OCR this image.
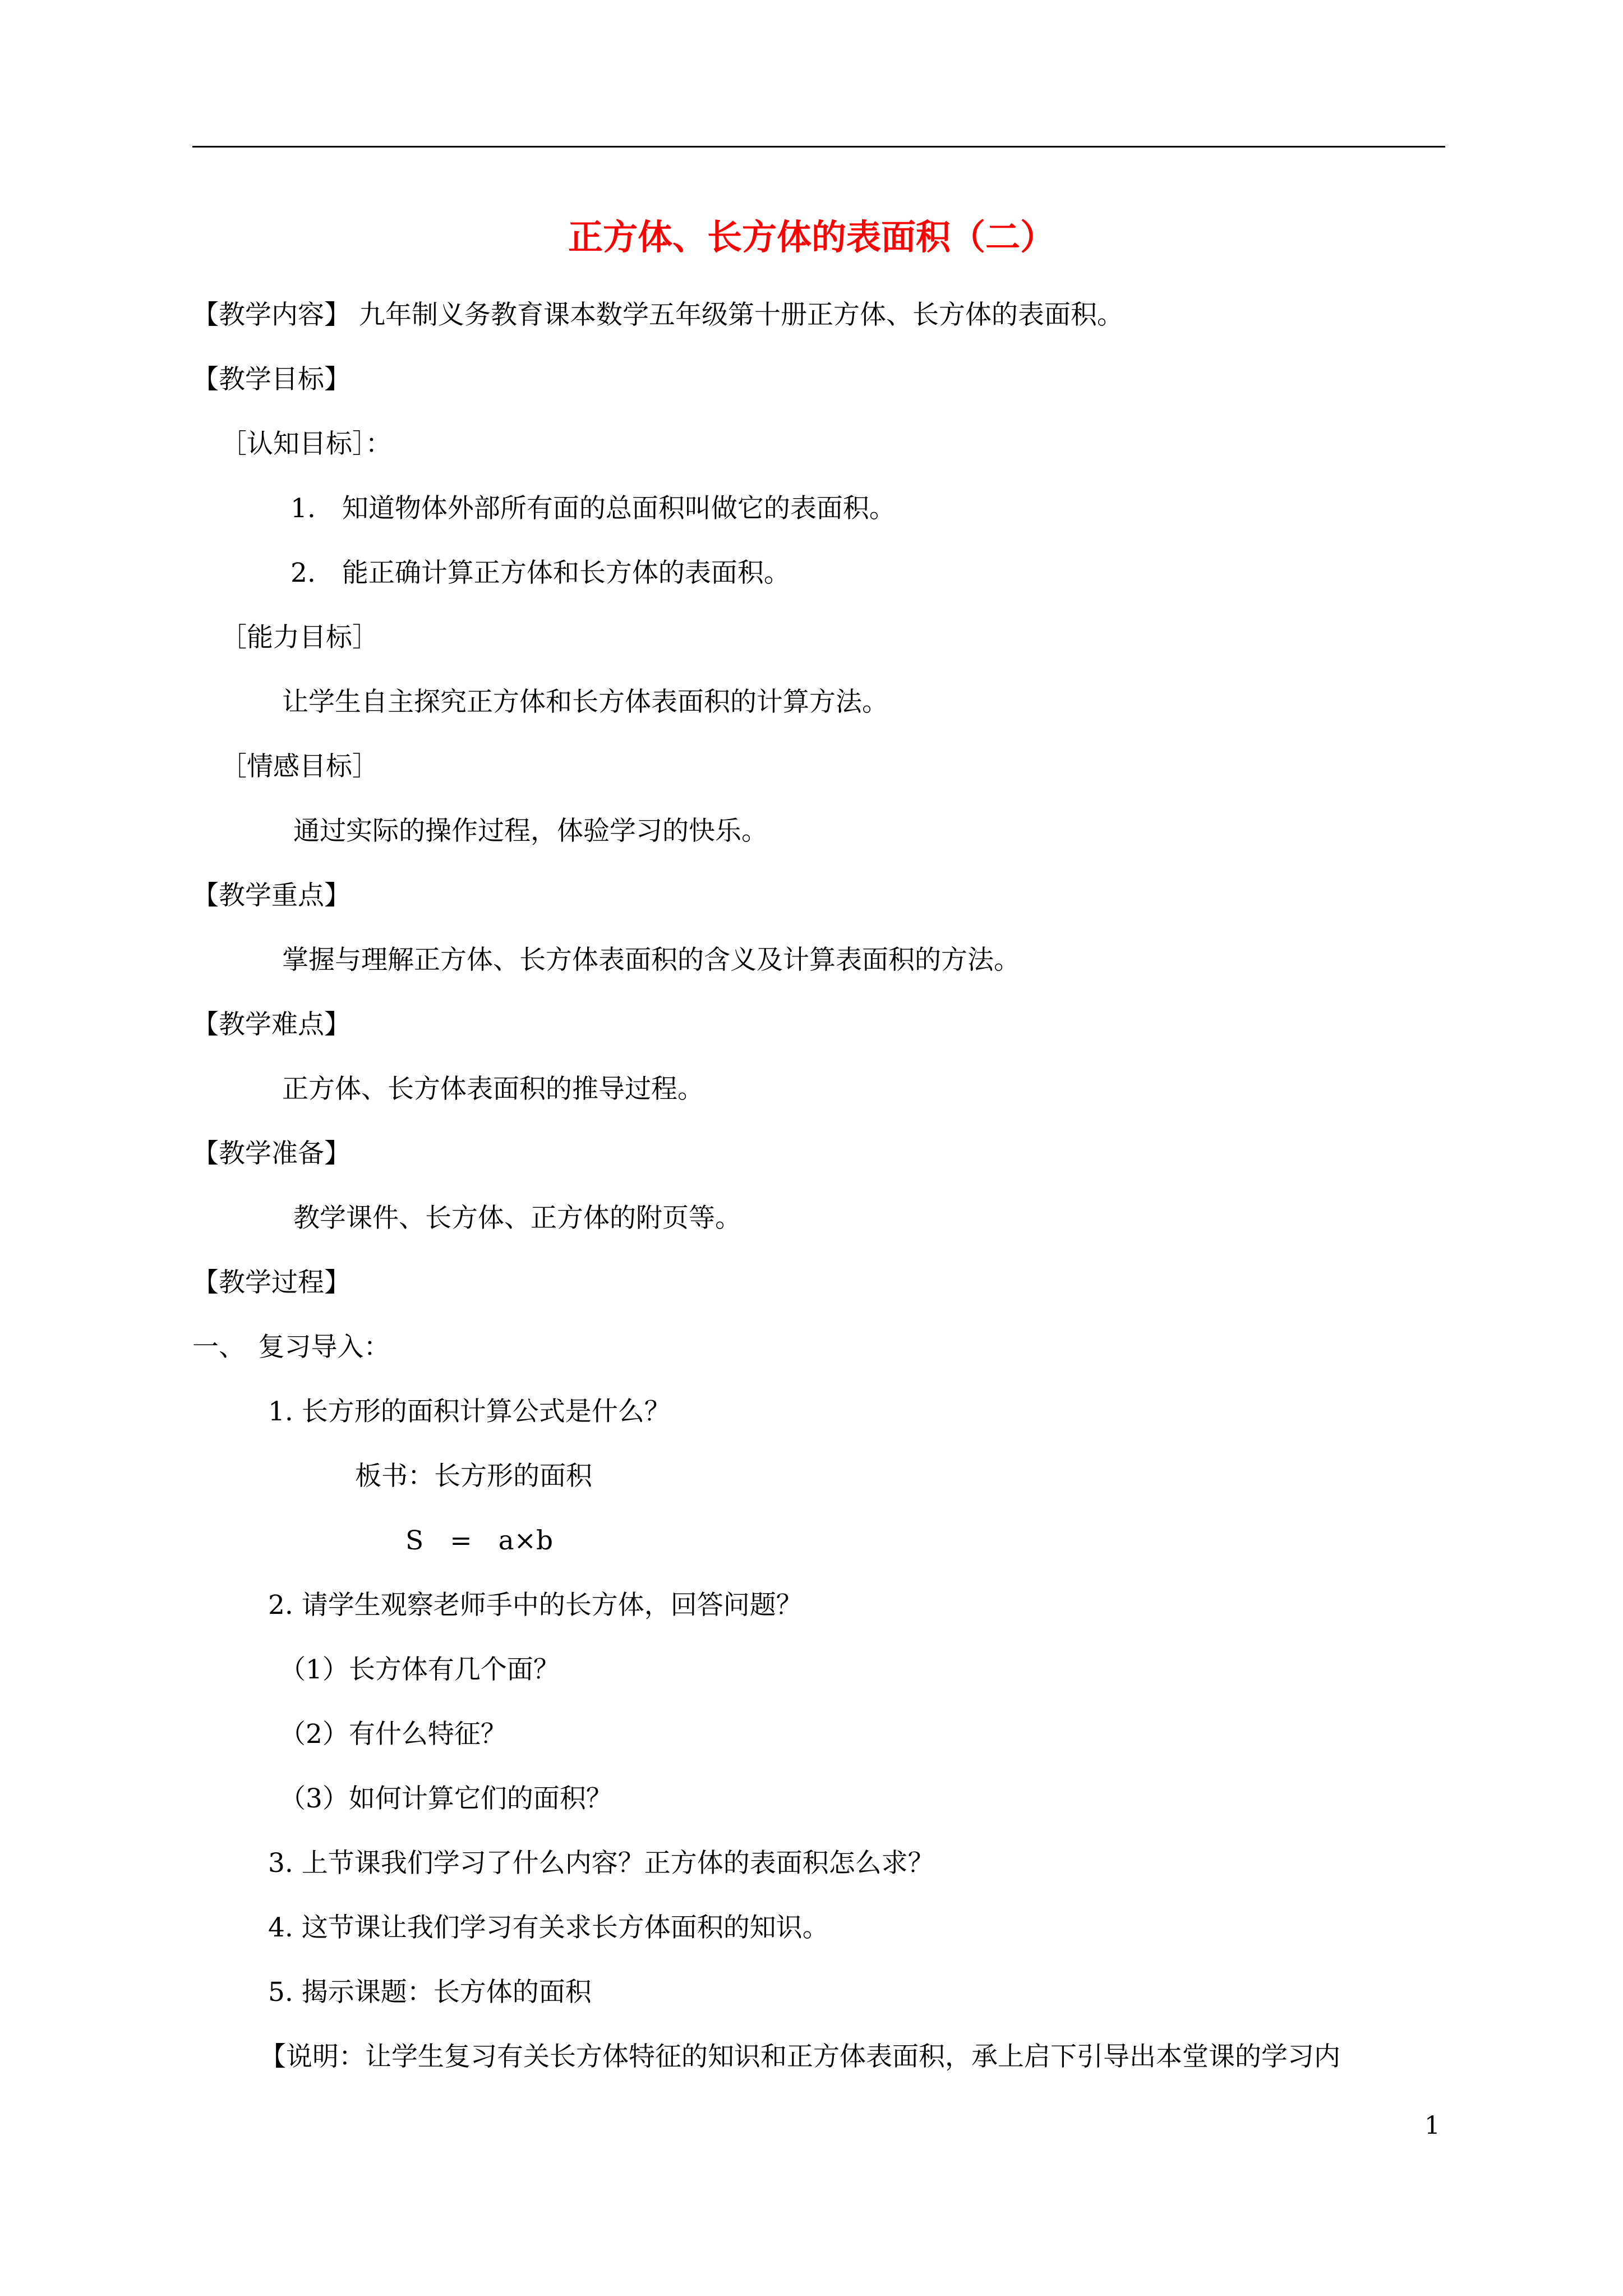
正方体、长方体的表面积（二）
【教学内容】 九年制义务教育课本数学五年级第十册正方体、长方体的表面积。
【教学目标】
［认知目标］：
1.　知道物体外部所有面的总面积叫做它的表面积。
2.　能正确计算正方体和长方体的表面积。
［能力目标］
让学生自主探究正方体和长方体表面积的计算方法。
［情感目标］
通过实际的操作过程，体验学习的快乐。
【教学重点】
掌握与理解正方体、长方体表面积的含义及计算表面积的方法。
【教学难点】
正方体、长方体表面积的推导过程。
【教学准备】
教学课件、长方体、正方体的附页等。
【教学过程】
一、　复习导入：
1. 长方形的面积计算公式是什么？
板书：长方形的面积
S　=　a×b
2. 请学生观察老师手中的长方体，回答问题？
（1）长方体有几个面？
（2）有什么特征？
（3）如何计算它们的面积？
3. 上节课我们学习了什么内容？正方体的表面积怎么求？
4. 这节课让我们学习有关求长方体面积的知识。
5. 揭示课题：长方体的面积
【说明：让学生复习有关长方体特征的知识和正方体表面积，承上启下引导出本堂课的学习内
1
